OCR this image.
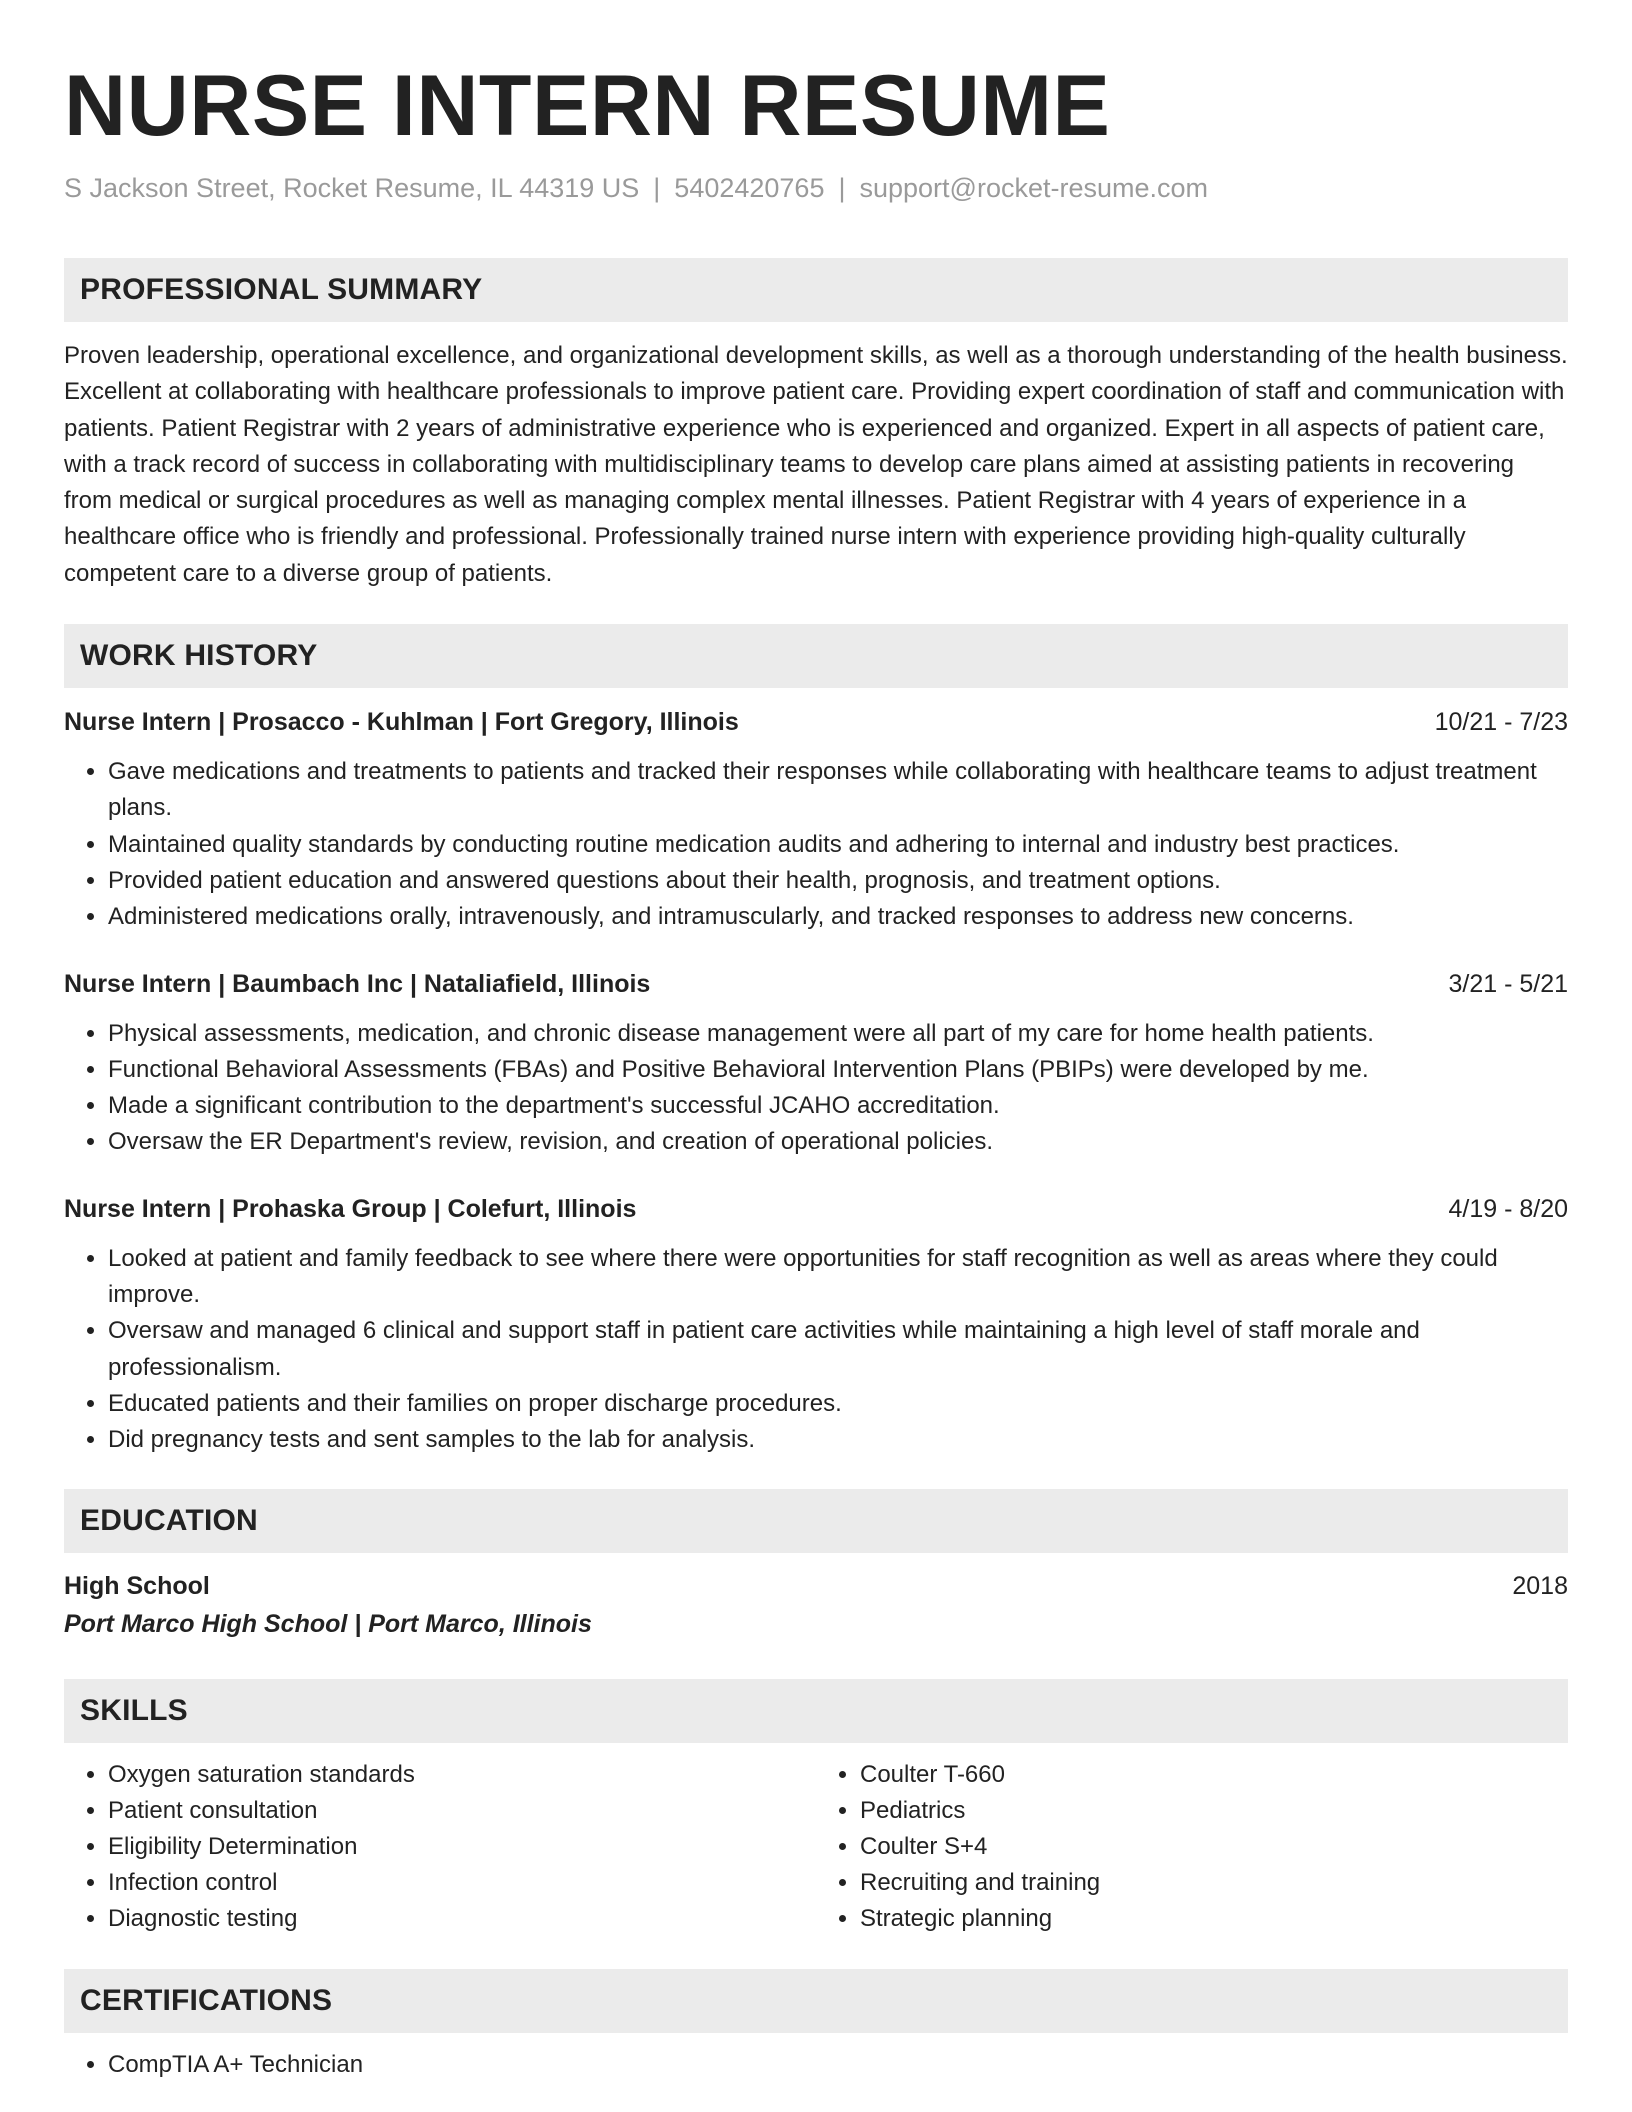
NURSE INTERN RESUME
S Jackson Street, Rocket Resume, IL 44319 US | 5402420765 | support@rocket-resume.com
PROFESSIONAL SUMMARY

Proven leadership, operational excellence, and organizational development skills, as well as a thorough understanding of the health business. Excellent at collaborating with healthcare professionals to improve patient care. Providing expert coordination of staff and communication with patients. Patient Registrar with 2 years of administrative experience who is experienced and organized. Expert in all aspects of patient care, with a track record of success in collaborating with multidisciplinary teams to develop care plans aimed at assisting patients in recovering from medical or surgical procedures as well as managing complex mental illnesses. Patient Registrar with 4 years of experience in a healthcare office who is friendly and professional. Professionally trained nurse intern with experience providing high-quality culturally competent care to a diverse group of patients.

WORK HISTORY
Nurse Intern | Prosacco - Kuhlman | Fort Gregory, Illinois	10/21 - 7/23
• Gave medications and treatments to patients and tracked their responses while collaborating with healthcare teams to adjust treatment plans.
• Maintained quality standards by conducting routine medication audits and adhering to internal and industry best practices.
• Provided patient education and answered questions about their health, prognosis, and treatment options.
• Administered medications orally, intravenously, and intramuscularly, and tracked responses to address new concerns.
Nurse Intern | Baumbach Inc | Nataliafield, Illinois	3/21 - 5/21
• Physical assessments, medication, and chronic disease management were all part of my care for home health patients.
• Functional Behavioral Assessments (FBAs) and Positive Behavioral Intervention Plans (PBIPs) were developed by me.
• Made a significant contribution to the department's successful JCAHO accreditation.
• Oversaw the ER Department's review, revision, and creation of operational policies.
Nurse Intern | Prohaska Group | Colefurt, Illinois	4/19 - 8/20
• Looked at patient and family feedback to see where there were opportunities for staff recognition as well as areas where they could improve.
• Oversaw and managed 6 clinical and support staff in patient care activities while maintaining a high level of staff morale and professionalism.
• Educated patients and their families on proper discharge procedures.
• Did pregnancy tests and sent samples to the lab for analysis.
EDUCATION
High School	2018
Port Marco High School | Port Marco, Illinois
SKILLS
• Oxygen saturation standards
• Patient consultation
• Eligibility Determination
• Infection control
• Diagnostic testing
• Coulter T-660
• Pediatrics
• Coulter S+4
• Recruiting and training
• Strategic planning
CERTIFICATIONS
• CompTIA A+ Technician
